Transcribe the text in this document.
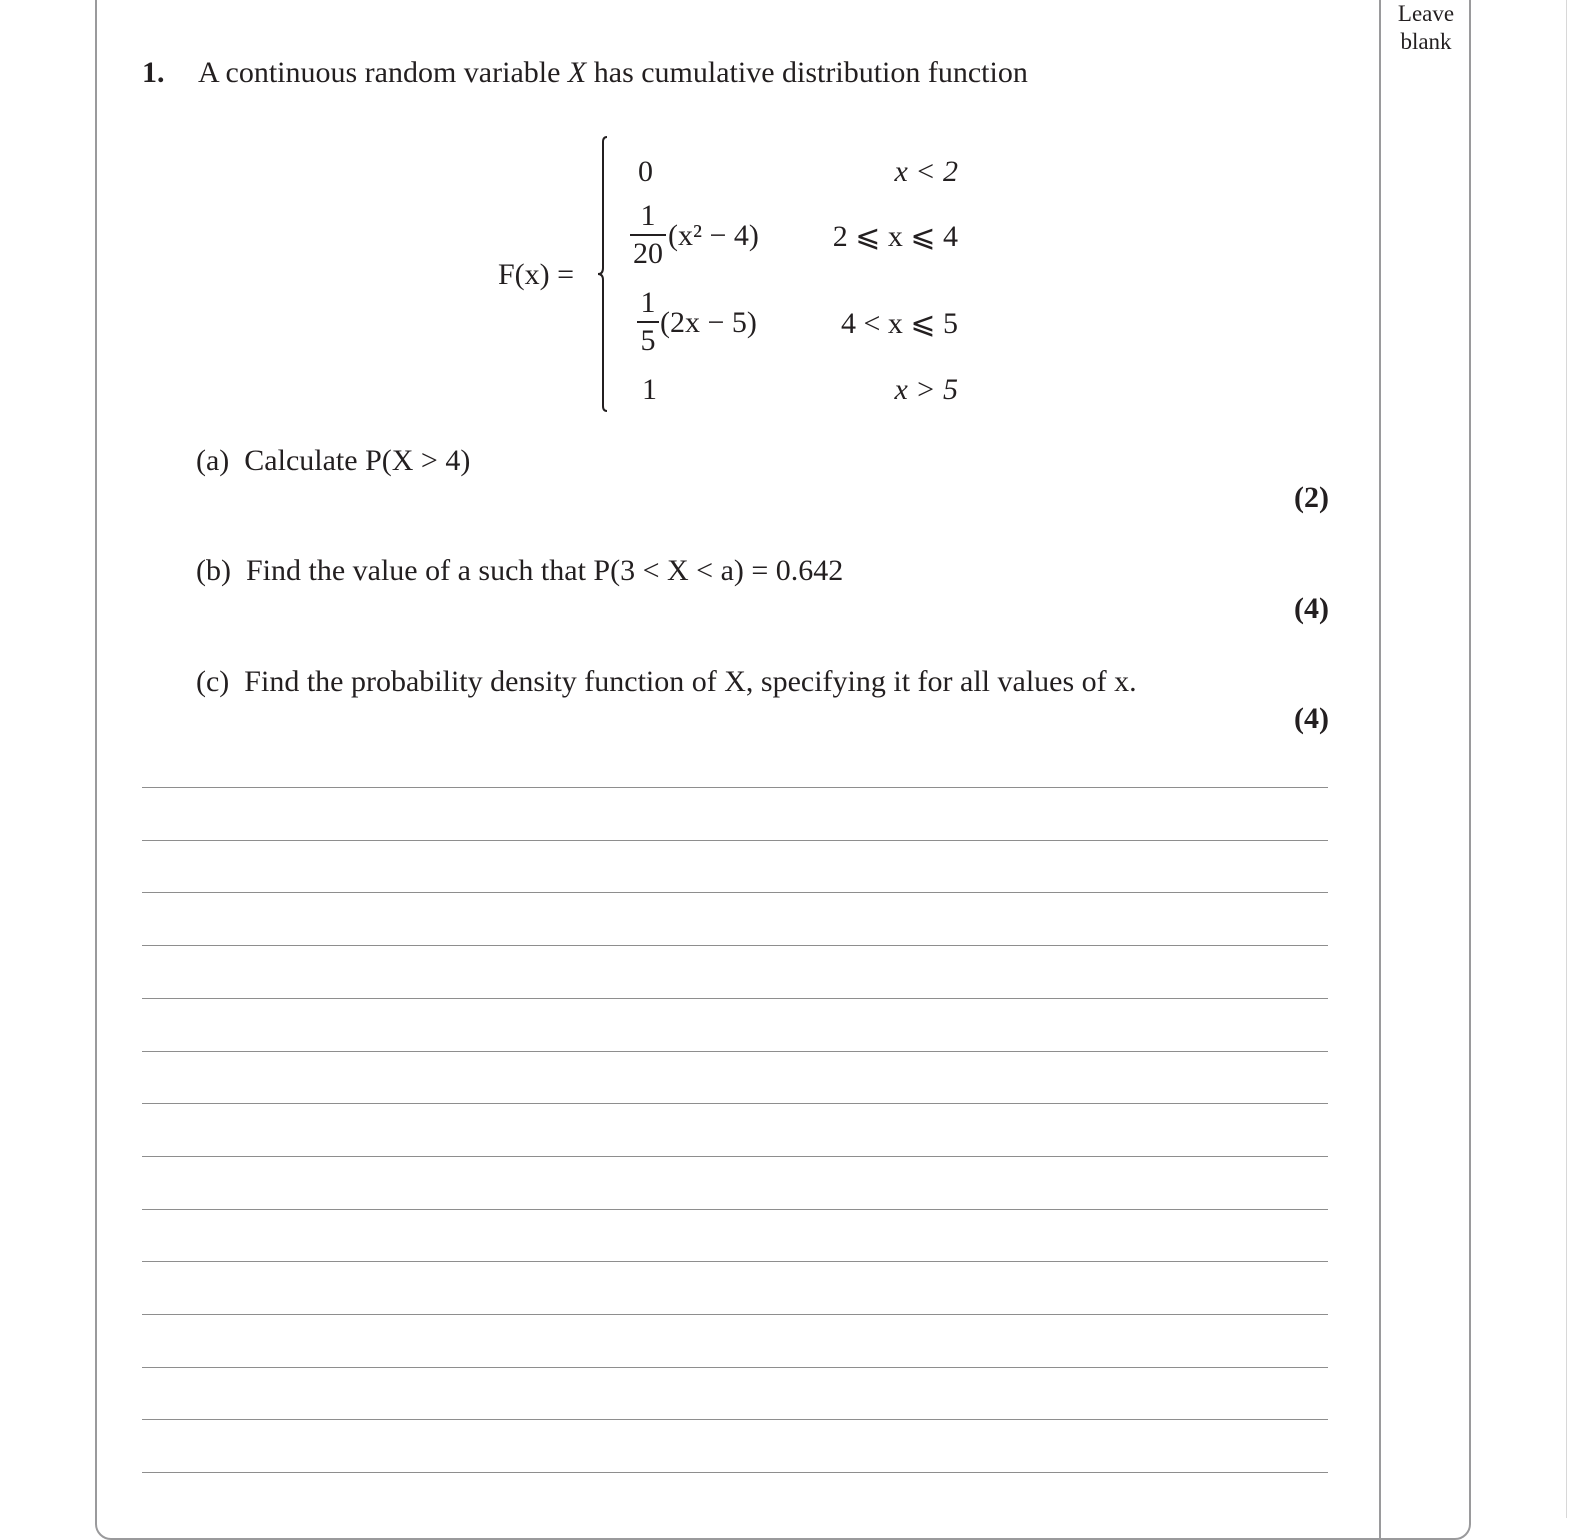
Leave
blank
1. A continuous random variable X has cumulative distribution function
F(x) =
0	x < 2
1
20
(x² − 4)	2 ⩽ x ⩽ 4
1
5
(2x − 5)	4 < x ⩽ 5
1	x > 5
(a) Calculate P(X > 4)
(2)
(b) Find the value of a such that P(3 < X < a) = 0.642
(4)
(c) Find the probability density function of X, specifying it for all values of x.
(4)
